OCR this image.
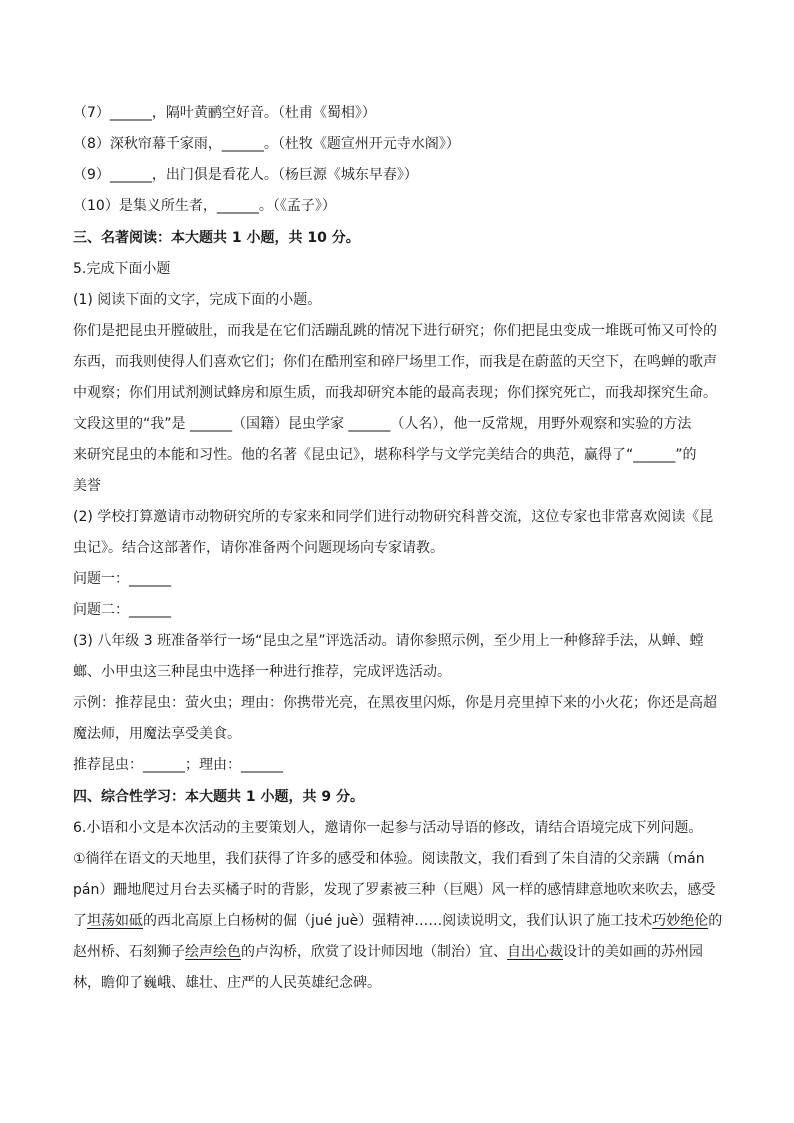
（7）______，隔叶黄鹂空好音。（杜甫《蜀相》）
（8）深秋帘幕千家雨，______。（杜牧《题宣州开元寺水阁》）
（9）______，出门俱是看花人。（杨巨源《城东早春》）
（10）是集义所生者，______。（《孟子》）
三、名著阅读：本大题共 1 小题，共 10 分。
5.完成下面小题
(1) 阅读下面的文字，完成下面的小题。
你们是把昆虫开膛破肚，而我是在它们活蹦乱跳的情况下进行研究；你们把昆虫变成一堆既可怖又可怜的
东西，而我则使得人们喜欢它们；你们在酷刑室和碎尸场里工作，而我是在蔚蓝的天空下，在鸣蝉的歌声
中观察；你们用试剂测试蜂房和原生质，而我却研究本能的最高表现；你们探究死亡，而我却探究生命。
文段这里的“我”是 ______（国籍）昆虫学家 ______（人名），他一反常规，用野外观察和实验的方法
来研究昆虫的本能和习性。他的名著《昆虫记》，堪称科学与文学完美结合的典范，赢得了“______”的
美誉
(2) 学校打算邀请市动物研究所的专家来和同学们进行动物研究科普交流，这位专家也非常喜欢阅读《昆
虫记》。结合这部著作，请你准备两个问题现场向专家请教。
问题一：______
问题二：______
(3) 八年级 3 班准备举行一场“昆虫之星”评选活动。请你参照示例，至少用上一种修辞手法，从蝉、螳
螂、小甲虫这三种昆虫中选择一种进行推荐，完成评选活动。
示例：推荐昆虫：萤火虫；理由：你携带光亮，在黑夜里闪烁，你是月亮里掉下来的小火花；你还是高超
魔法师，用魔法享受美食。
推荐昆虫：______；理由：______
四、综合性学习：本大题共 1 小题，共 9 分。
6.小语和小文是本次活动的主要策划人，邀请你一起参与活动导语的修改，请结合语境完成下列问题。
①徜徉在语文的天地里，我们获得了许多的感受和体验。阅读散文，我们看到了朱自清的父亲蹒（mán
pán）跚地爬过月台去买橘子时的背影，发现了罗素被三种（巨飓）风一样的感情肆意地吹来吹去，感受
了坦荡如砥的西北高原上白杨树的倔（jué juè）强精神……阅读说明文，我们认识了施工技术巧妙绝伦的
赵州桥、石刻狮子绘声绘色的卢沟桥，欣赏了设计师因地（制治）宜、自出心裁设计的美如画的苏州园
林，瞻仰了巍峨、雄壮、庄严的人民英雄纪念碑。
